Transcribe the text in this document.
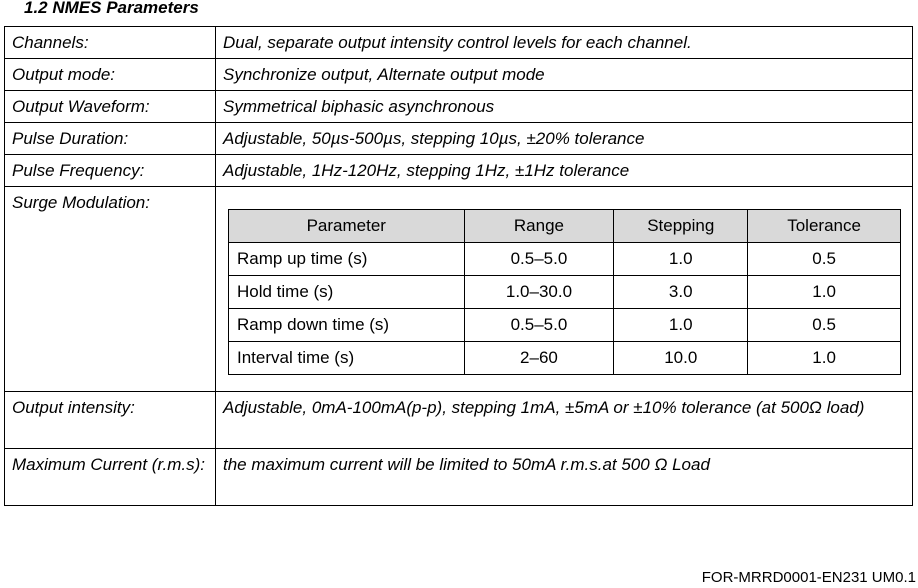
1.2 NMES Parameters
Channels:	Dual, separate output intensity control levels for each channel.
Output mode:	Synchronize output, Alternate output mode
Output Waveform:	Symmetrical biphasic asynchronous
Pulse Duration:	Adjustable, 50µs-500µs, stepping 10µs, ±20% tolerance
Pulse Frequency:	Adjustable, 1Hz-120Hz, stepping 1Hz, ±1Hz tolerance
Surge Modulation:	
Parameter	Range	Stepping	Tolerance
Ramp up time (s)	0.5–5.0	1.0	0.5
Hold time (s)	1.0–30.0	3.0	1.0
Ramp down time (s)	0.5–5.0	1.0	0.5
Interval time (s)	2–60	10.0	1.0

Output intensity:	Adjustable, 0mA-100mA(p-p), stepping 1mA, ±5mA or ±10% tolerance (at 500Ω load)

Maximum Current (r.m.s):	the maximum current will be limited to 50mA r.m.s.at 500 Ω Load
FOR-MRRD0001-EN231 UM0.1
